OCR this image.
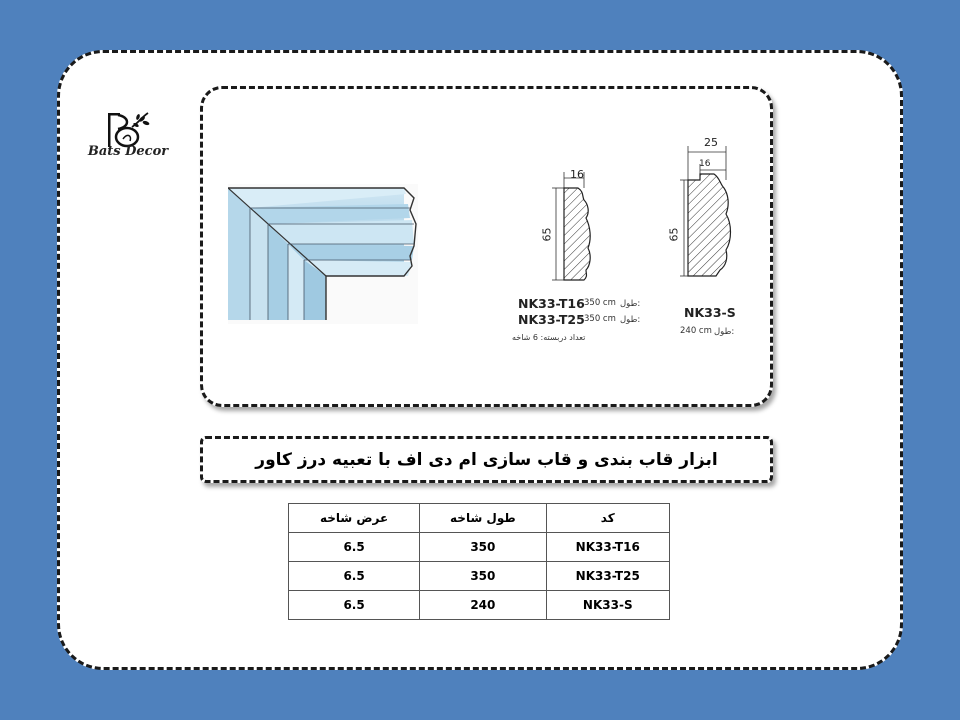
Bats Decor
16
65
25
16
65
NK33-T16 350 cm طول:
NK33-T25 350 cm طول:
تعداد دربسته: 6 شاخه
NK33-S
240 cm طول:
ابزار قاب بندی و قاب سازی ام دی اف با تعبیه درز کاور
کد	طول شاخه	عرض شاخه
NK33-T16	350	6.5
NK33-T25	350	6.5
NK33-S	240	6.5
